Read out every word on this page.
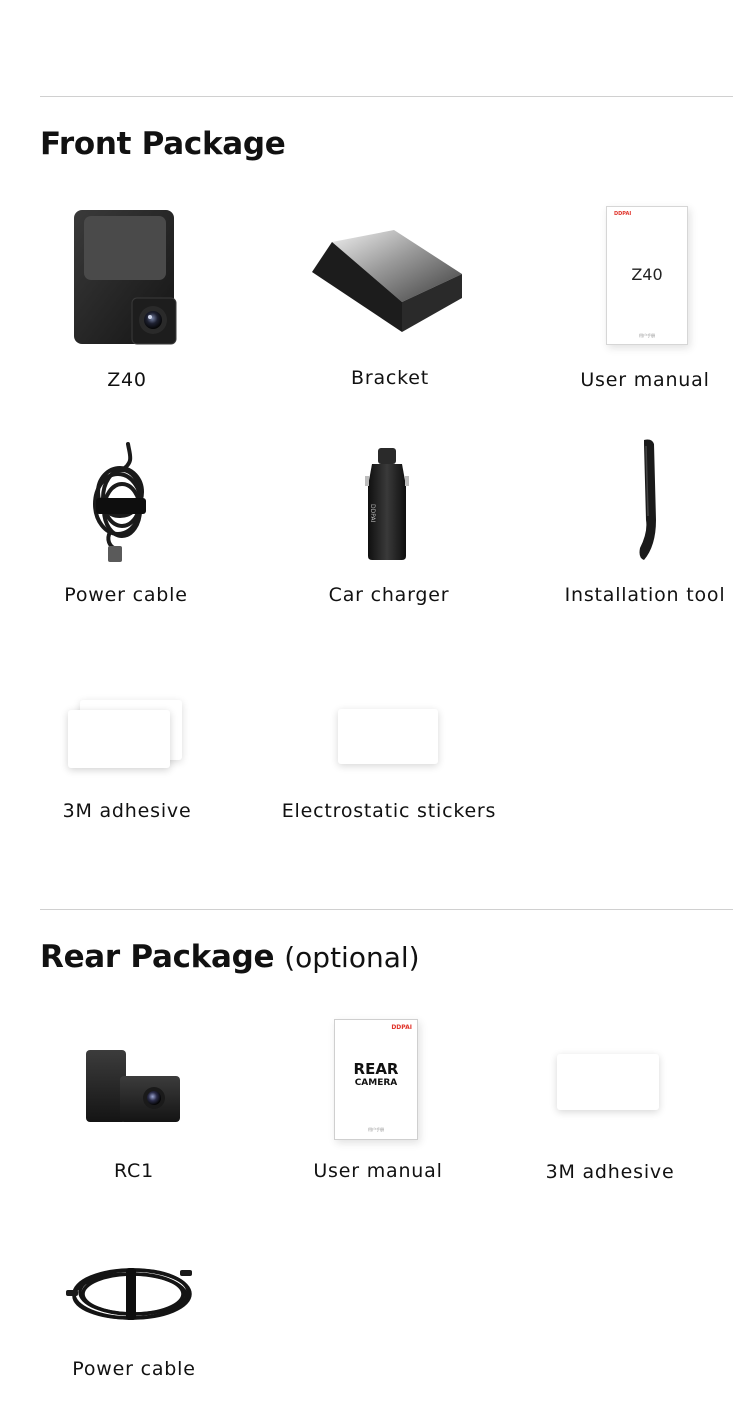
Front Package
Z40	Bracket
DDPAI
Z40
用户手册
User manual
Power cable
DDPAI
Car charger	Installation tool
3M adhesive	Electrostatic stickers
Rear Package (optional)
RC1
DDPAI
REAR
CAMERA
用户手册
User manual	3M adhesive
Power cable
